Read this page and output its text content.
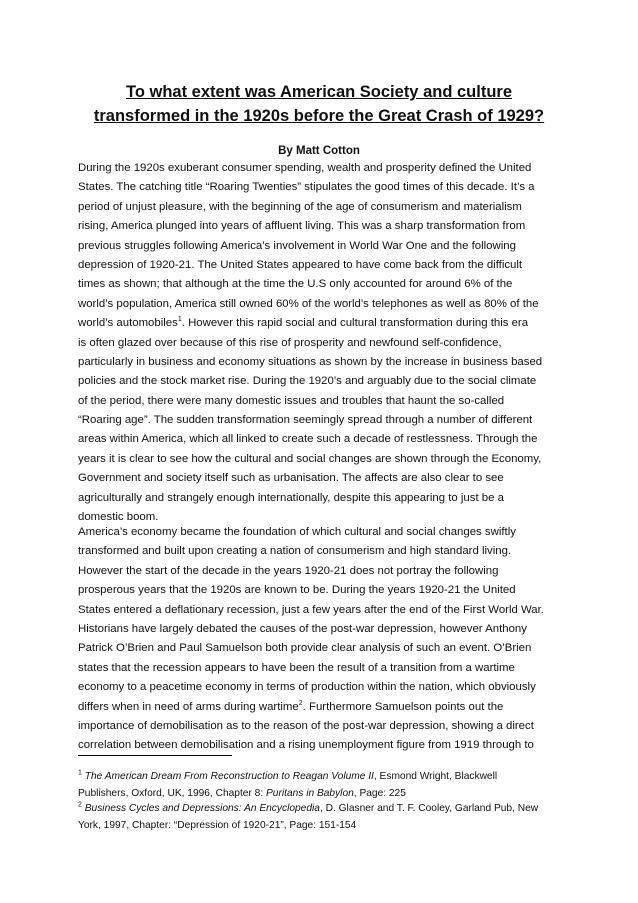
To what extent was American Society and culture
transformed in the 1920s before the Great Crash of 1929?
By Matt Cotton
During the 1920s exuberant consumer spending, wealth and prosperity defined the United
States. The catching title “Roaring Twenties” stipulates the good times of this decade. It’s a
period of unjust pleasure, with the beginning of the age of consumerism and materialism
rising, America plunged into years of affluent living. This was a sharp transformation from
previous struggles following America’s involvement in World War One and the following
depression of 1920-21. The United States appeared to have come back from the difficult
times as shown; that although at the time the U.S only accounted for around 6% of the
world’s population, America still owned 60% of the world’s telephones as well as 80% of the
world’s automobiles$^1$. However this rapid social and cultural transformation during this era
is often glazed over because of this rise of prosperity and newfound self-confidence,
particularly in business and economy situations as shown by the increase in business based
policies and the stock market rise. During the 1920’s and arguably due to the social climate
of the period, there were many domestic issues and troubles that haunt the so-called
“Roaring age”. The sudden transformation seemingly spread through a number of different
areas within America, which all linked to create such a decade of restlessness. Through the
years it is clear to see how the cultural and social changes are shown through the Economy,
Government and society itself such as urbanisation. The affects are also clear to see
agriculturally and strangely enough internationally, despite this appearing to just be a
domestic boom.
America’s economy became the foundation of which cultural and social changes swiftly
transformed and built upon creating a nation of consumerism and high standard living.
However the start of the decade in the years 1920-21 does not portray the following
prosperous years that the 1920s are known to be. During the years 1920-21 the United
States entered a deflationary recession, just a few years after the end of the First World War.
Historians have largely debated the causes of the post-war depression, however Anthony
Patrick O’Brien and Paul Samuelson both provide clear analysis of such an event. O’Brien
states that the recession appears to have been the result of a transition from a wartime
economy to a peacetime economy in terms of production within the nation, which obviously
differs when in need of arms during wartime$^2$. Furthermore Samuelson points out the
importance of demobilisation as to the reason of the post-war depression, showing a direct
correlation between demobilisation and a rising unemployment figure from 1919 through to
$^1$ The American Dream From Reconstruction to Reagan Volume II, Esmond Wright, Blackwell
Publishers, Oxford, UK, 1996, Chapter 8: Puritans in Babylon, Page: 225
$^2$ Business Cycles and Depressions: An Encyclopedia, D. Glasner and T. F. Cooley, Garland Pub, New
York, 1997, Chapter: “Depression of 1920-21”, Page: 151-154
